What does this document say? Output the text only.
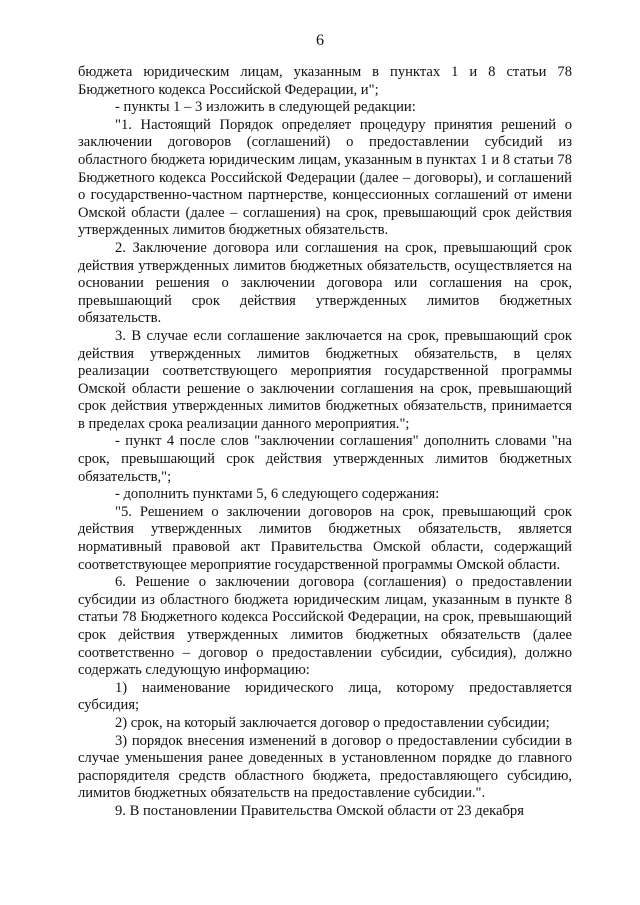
6

бюджета юридическим лицам, указанным в пунктах 1 и 8 статьи 78 Бюджетного кодекса Российской Федерации, и";

- пункты 1 – 3 изложить в следующей редакции:

"1. Настоящий Порядок определяет процедуру принятия решений о заключении договоров (соглашений) о предоставлении субсидий из областного бюджета юридическим лицам, указанным в пунктах 1 и 8 статьи 78 Бюджетного кодекса Российской Федерации (далее – договоры), и соглашений о государственно-частном партнерстве, концессионных соглашений от имени Омской области (далее – соглашения) на срок, превышающий срок действия утвержденных лимитов бюджетных обязательств.

2. Заключение договора или соглашения на срок, превышающий срок действия утвержденных лимитов бюджетных обязательств, осуществляется на основании решения о заключении договора или соглашения на срок, превышающий срок действия утвержденных лимитов бюджетных обязательств.

3. В случае если соглашение заключается на срок, превышающий срок действия утвержденных лимитов бюджетных обязательств, в целях реализации соответствующего мероприятия государственной программы Омской области решение о заключении соглашения на срок, превышающий срок действия утвержденных лимитов бюджетных обязательств, принимается в пределах срока реализации данного мероприятия.";

- пункт 4 после слов "заключении соглашения" дополнить словами "на срок, превышающий срок действия утвержденных лимитов бюджетных обязательств,";

- дополнить пунктами 5, 6 следующего содержания:

"5. Решением о заключении договоров на срок, превышающий срок действия утвержденных лимитов бюджетных обязательств, является нормативный правовой акт Правительства Омской области, содержащий соответствующее мероприятие государственной программы Омской области.

6. Решение о заключении договора (соглашения) о предоставлении субсидии из областного бюджета юридическим лицам, указанным в пункте 8 статьи 78 Бюджетного кодекса Российской Федерации, на срок, превышающий срок действия утвержденных лимитов бюджетных обязательств (далее соответственно – договор о предоставлении субсидии, субсидия), должно содержать следующую информацию:

1) наименование юридического лица, которому предоставляется субсидия;

2) срок, на который заключается договор о предоставлении субсидии;

3) порядок внесения изменений в договор о предоставлении субсидии в случае уменьшения ранее доведенных в установленном порядке до главного распорядителя средств областного бюджета, предоставляющего субсидию, лимитов бюджетных обязательств на предоставление субсидии.".

9. В постановлении Правительства Омской области от 23 декабря
